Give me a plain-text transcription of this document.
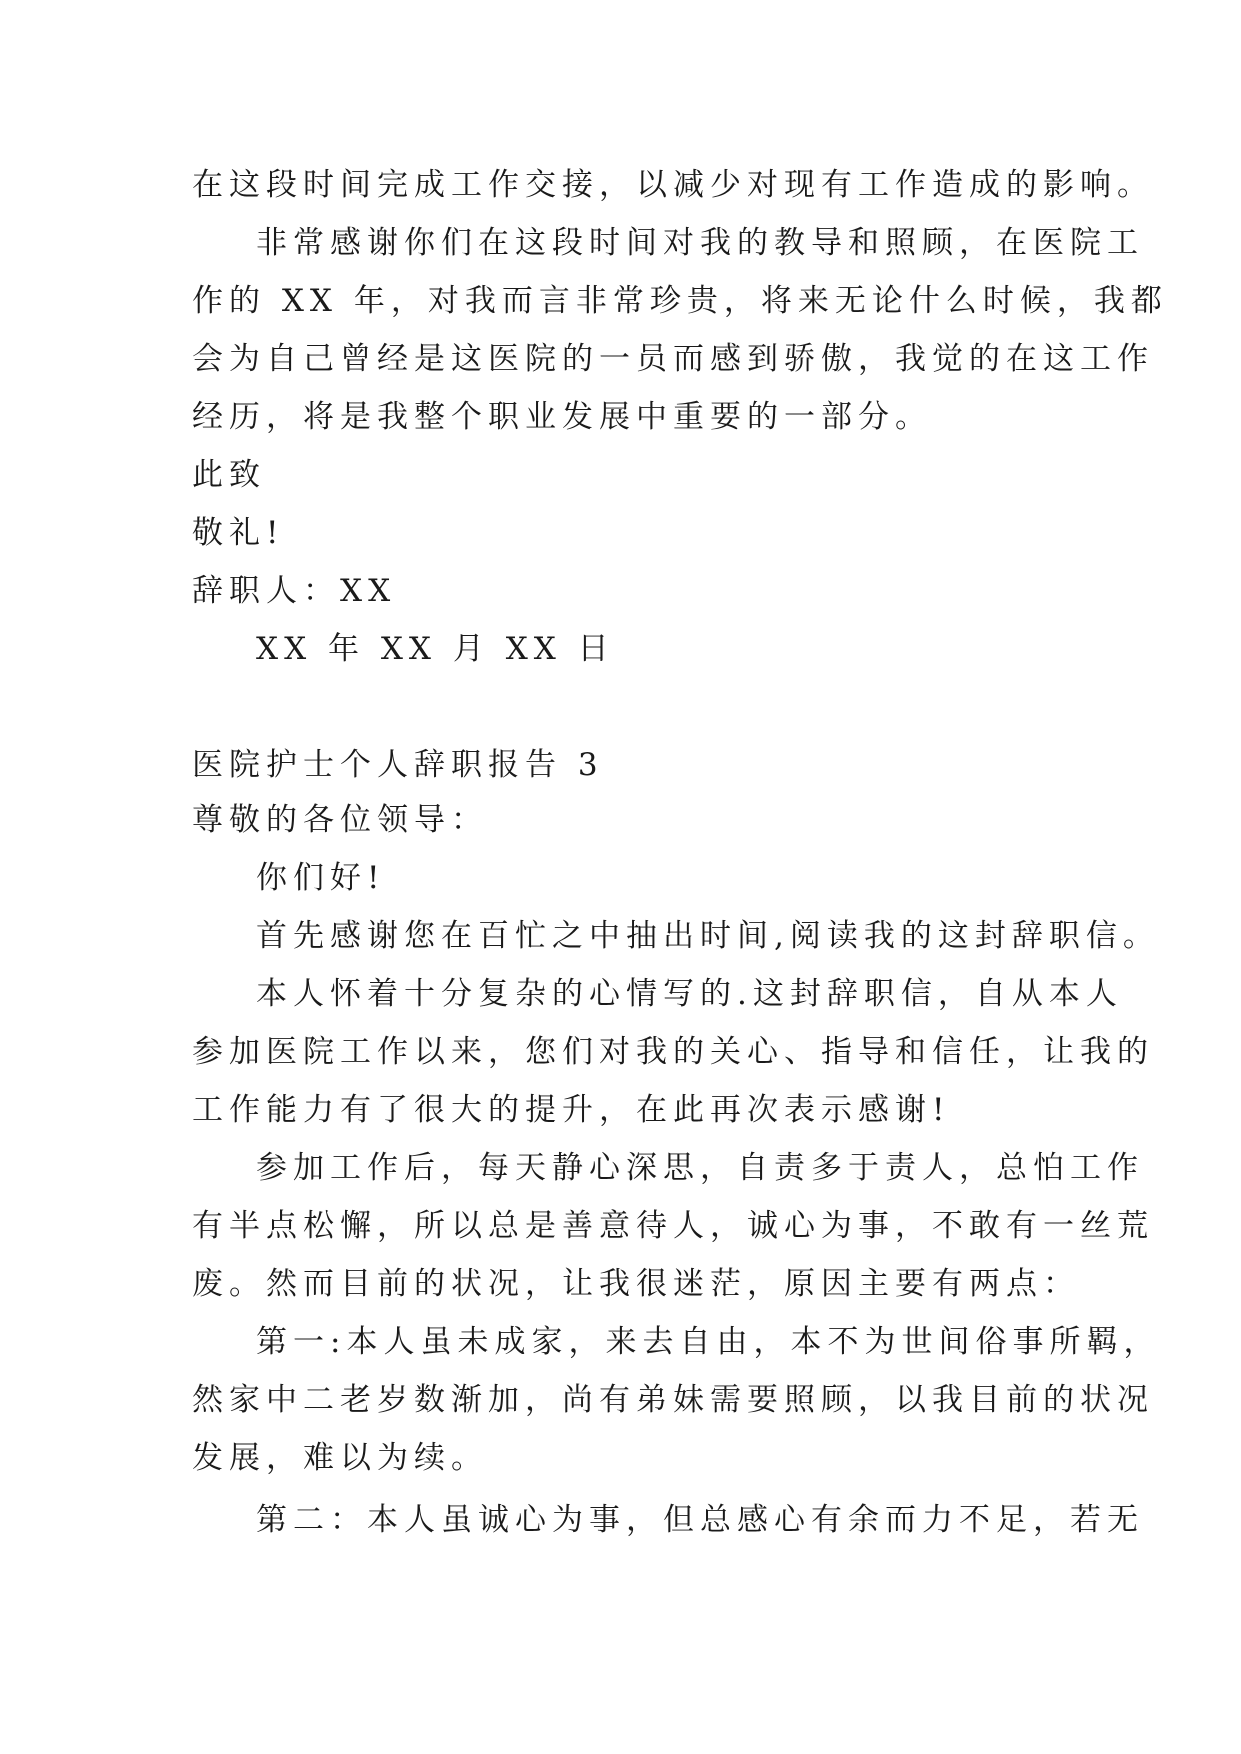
在这段时间完成工作交接，以减少对现有工作造成的影响。
非常感谢你们在这段时间对我的教导和照顾，在医院工
作的 XX 年，对我而言非常珍贵，将来无论什么时候，我都
会为自己曾经是这医院的一员而感到骄傲，我觉的在这工作
经历，将是我整个职业发展中重要的一部分。
此致
敬礼!
辞职人：XX
XX 年 XX 月 XX 日
医院护士个人辞职报告 3
尊敬的各位领导：
你们好!
首先感谢您在百忙之中抽出时间,阅读我的这封辞职信。
本人怀着十分复杂的心情写的.这封辞职信，自从本人
参加医院工作以来，您们对我的关心、指导和信任，让我的
工作能力有了很大的提升，在此再次表示感谢!
参加工作后，每天静心深思，自责多于责人，总怕工作
有半点松懈，所以总是善意待人，诚心为事，不敢有一丝荒
废。然而目前的状况，让我很迷茫，原因主要有两点：
第一:本人虽未成家，来去自由，本不为世间俗事所羁，
然家中二老岁数渐加，尚有弟妹需要照顾，以我目前的状况
发展，难以为续。
第二：本人虽诚心为事，但总感心有余而力不足，若无
